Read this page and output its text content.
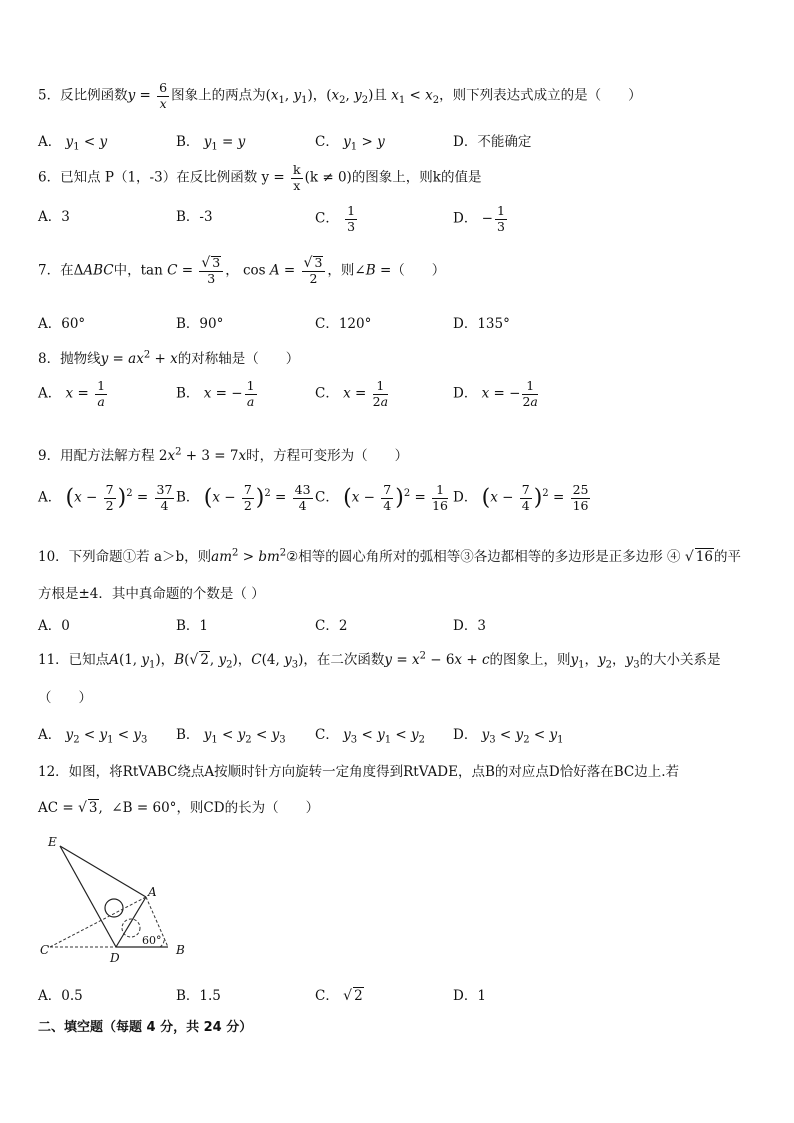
5．反比例函数$y = \frac{6}{x}$ 图象上的两点为($x_1$, $y_1$)，($x_2$, $y_2$)且 $x_1 < x_2$，则下列表达式成立的是（　　）
A． $y_1 < y$	B． $y_1 = y$	C． $y_1 > y$	D．不能确定
6．已知点 P（1，-3）在反比例函数 $y = \frac{k}{x} (k \ne 0)$的图象上，则k的值是
A．3	B．-3	C． $\frac{1}{3}$	D． − $\frac{1}{3}$
7．在ΔABC中，$\tan C = \frac{√ 3}{3}$ ， $\cos A = \frac{√ 3}{2}$ ，则∠B =（　　）
A．60°	B．90°	C．120°	D．135°
8．抛物线$y = ax^2 + x$的对称轴是（　　）
A． $x = \frac{1}{a}$	B． x = − $\frac{1}{a}$	C． $x = \frac{1}{2a}$	D． x = − $\frac{1}{2a}$
9．用配方法解方程 $2x^2 + 3 = 7x$时，方程可变形为（　　）
A． $(x - \frac{7}{2} )^2 = \frac{37}{4}$ B． $(x - \frac{7}{2} )^2 = \frac{43}{4}$ C． $(x - \frac{7}{4} )^2 = \frac{1}{16}$ D． $(x - \frac{7}{4} )^2 = \frac{25}{16}$
10．下列命题①若 a＞b，则$am^2$ > $bm^2②$相等的圆心角所对的弧相等③各边都相等的多边形是正多边形 ④ √ 16的平
方根是±4．其中真命题的个数是（ ）
A．0	B．1	C．2	D．3
11．已知点A(1, $y_1$)，B(√ 2, $y_2$)，C(4, $y_3$)，在二次函数$y = x^2 - 6x + c$的图象上，则$y_1$，$y_2$，$y_3$的大小关系是
（　　）
A． $y_2 < y_1 < y_3$ B． $y_1 < y_2 < y_3$ C． $y_3 < y_1 < y_2$ D． $y_3 < y_2 < y_1$
12．如图，将RtVABC绕点A按顺时针方向旋转一定角度得到RtVADE，点B的对应点D恰好落在BC边上.若
AC = √ 3,  ∠B = 60°，则CD的长为（　　）
E
A
C
D
B
60°
A．0.5	B．1.5	C． √ 2	D．1
二、填空题（每题 4 分，共 24 分）
